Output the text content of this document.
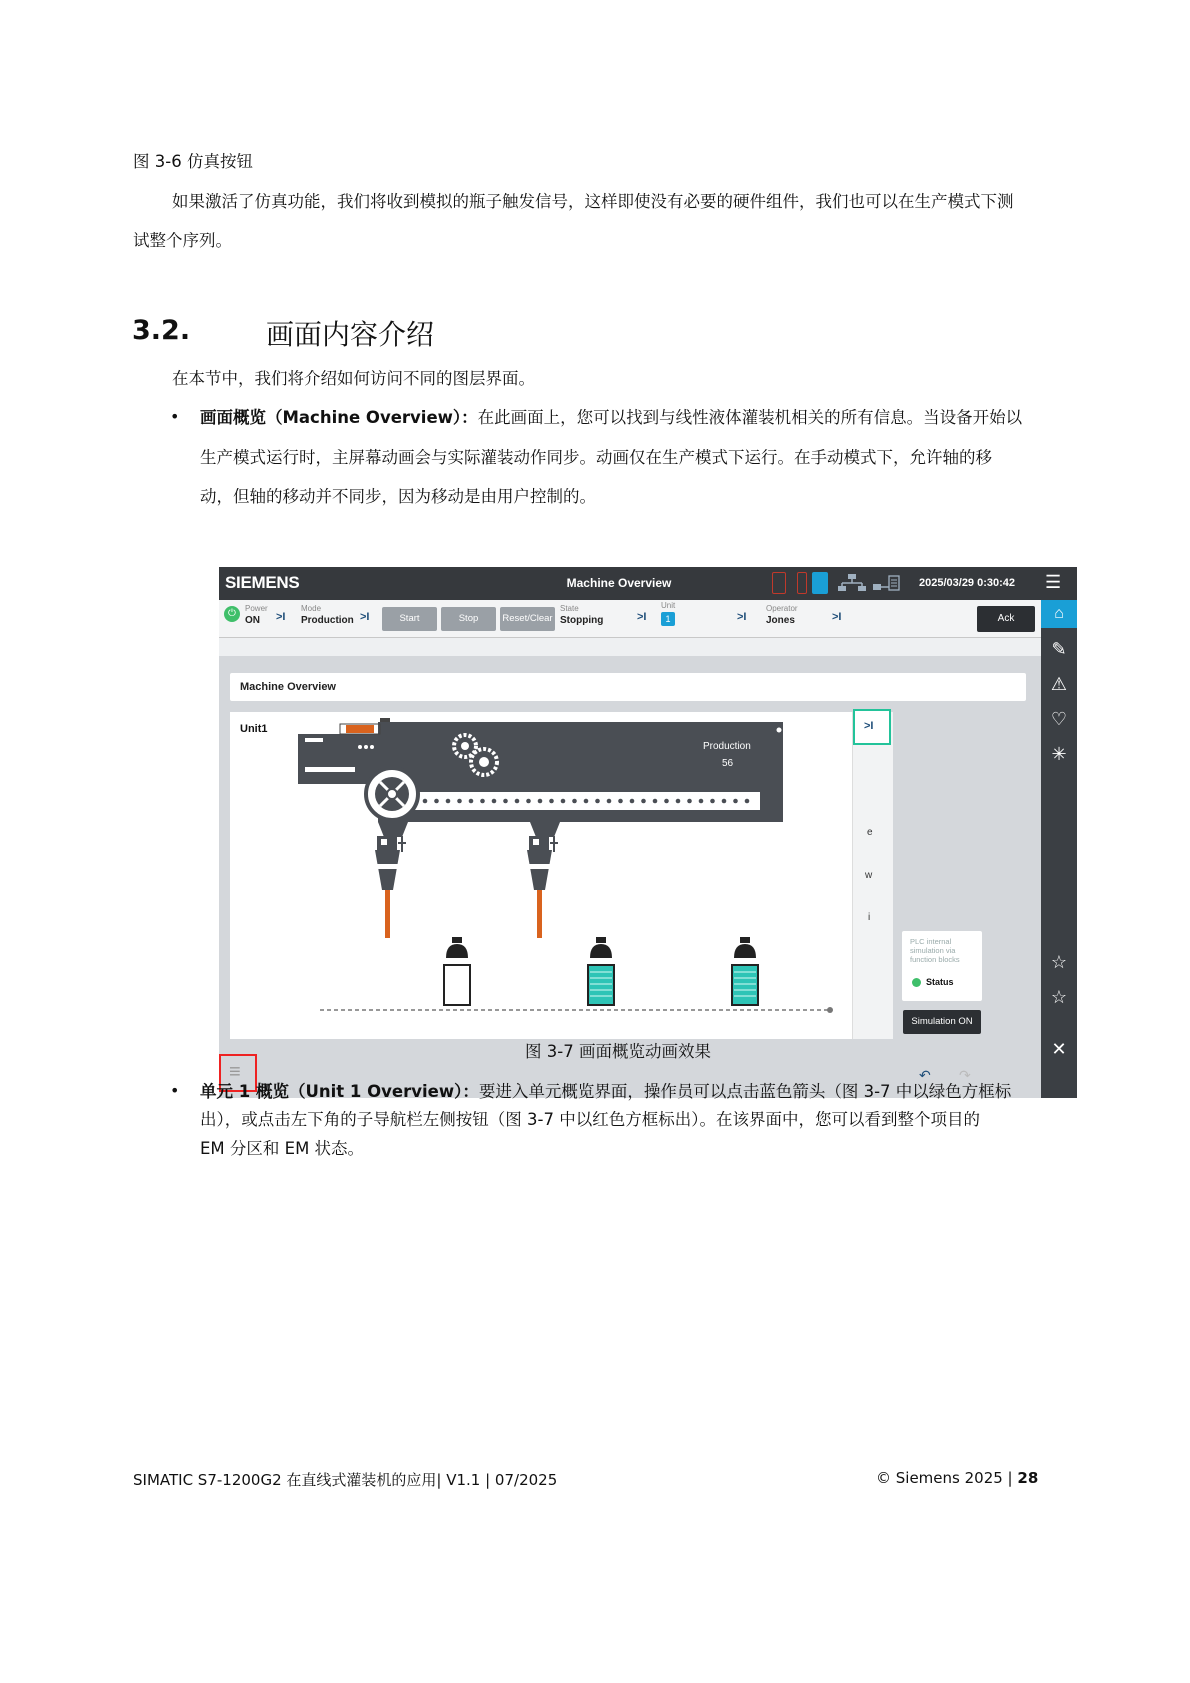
图 3-6 仿真按钮
如果激活了仿真功能，我们将收到模拟的瓶子触发信号，这样即使没有必要的硬件组件，我们也可以在生产模式下测
试整个序列。
3.2.	画面内容介绍
在本节中，我们将介绍如何访问不同的图层界面。
• 画面概览（Machine Overview）：在此画面上，您可以找到与线性液体灌装机相关的所有信息。当设备开始以
生产模式运行时，主屏幕动画会与实际灌装动作同步。动画仅在生产模式下运行。在手动模式下，允许轴的移
动，但轴的移动并不同步，因为移动是由用户控制的。
SIEMENS	Machine Overview	2025/03/29 0:30:42 ☰
⏻	Power
ON >I
Mode
Production >I	Start	Stop	Reset/Clear
State
Stopping	>I
Unit
1	>I
Operator
Jones	>I	Ack	⌂
✎
⚠
♡
✳
☆
☆
✕
Machine Overview
Unit1
Production
56
e
w
i
>I
PLC internal simulation via function blocks
Status
Simulation ON
≡	↶ ↷
图 3-7 画面概览动画效果
• 单元 1 概览（Unit 1 Overview）：要进入单元概览界面，操作员可以点击蓝色箭头（图 3-7 中以绿色方框标
出），或点击左下角的子导航栏左侧按钮（图 3-7 中以红色方框标出）。在该界面中，您可以看到整个项目的
EM 分区和 EM 状态。
SIMATIC S7-1200G2 在直线式灌装机的应用| V1.1 | 07/2025	© Siemens 2025 | 28
